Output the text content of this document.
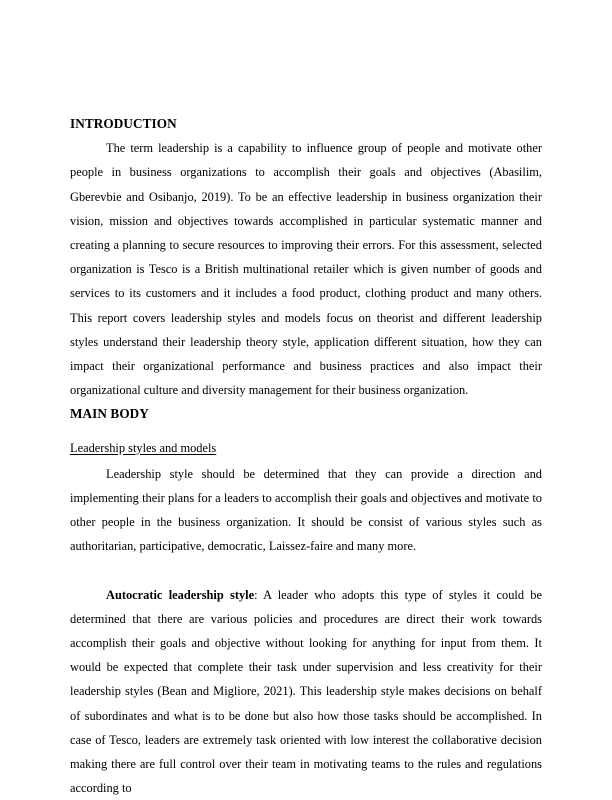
INTRODUCTION

The term leadership is a capability to influence group of people and motivate other people in business organizations to accomplish their goals and objectives (Abasilim, Gberevbie and Osibanjo, 2019). To be an effective leadership in business organization their vision, mission and objectives towards accomplished in particular systematic manner and creating a planning to secure resources to improving their errors. For this assessment, selected organization is Tesco is a British multinational retailer which is given number of goods and services to its customers and it includes a food product, clothing product and many others. This report covers leadership styles and models focus on theorist and different leadership styles understand their leadership theory style, application different situation, how they can impact their organizational performance and business practices and also impact their organizational culture and diversity management for their business organization.

MAIN BODY
Leadership styles and models

Leadership style should be determined that they can provide a direction and implementing their plans for a leaders to accomplish their goals and objectives and motivate to other people in the business organization. It should be consist of various styles such as authoritarian, participative, democratic, Laissez-faire and many more.

Autocratic leadership style: A leader who adopts this type of styles it could be determined that there are various policies and procedures are direct their work towards accomplish their goals and objective without looking for anything for input from them. It would be expected that complete their task under supervision and less creativity for their leadership styles (Bean and Migliore, 2021). This leadership style makes decisions on behalf of subordinates and what is to be done but also how those tasks should be accomplished. In case of Tesco, leaders are extremely task oriented with low interest the collaborative decision making there are full control over their team in motivating teams to the rules and regulations according to
